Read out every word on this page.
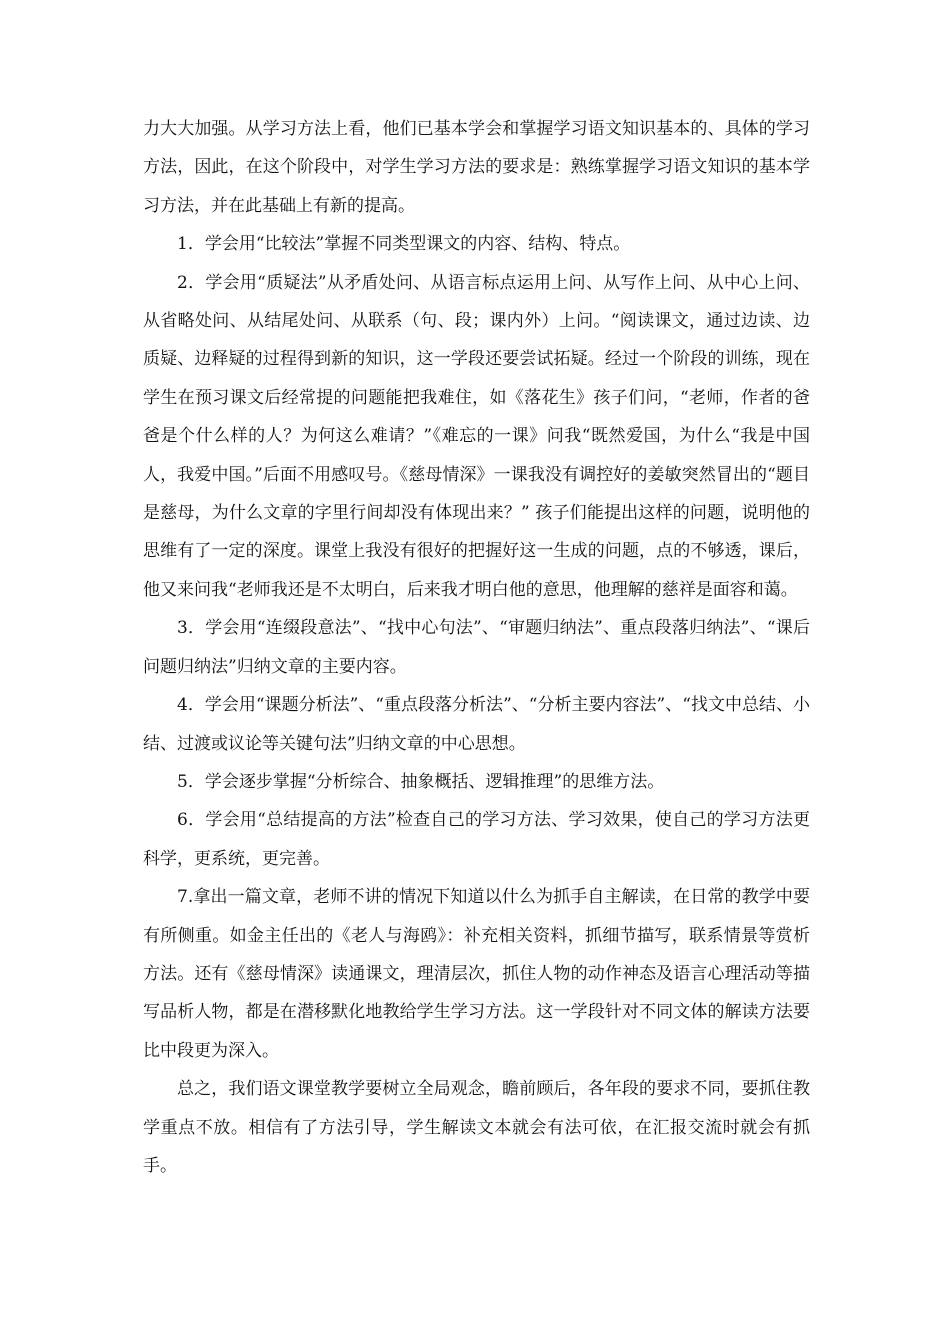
力大大加强。从学习方法上看，他们已基本学会和掌握学习语文知识基本的、具体的学习方法，因此，在这个阶段中，对学生学习方法的要求是：熟练掌握学习语文知识的基本学习方法，并在此基础上有新的提高。

1．学会用“比较法”掌握不同类型课文的内容、结构、特点。

2．学会用“质疑法”从矛盾处问、从语言标点运用上问、从写作上问、从中心上问、从省略处问、从结尾处问、从联系（句、段；课内外）上问。“阅读课文，通过边读、边质疑、边释疑的过程得到新的知识，这一学段还要尝试拓疑。经过一个阶段的训练，现在学生在预习课文后经常提的问题能把我难住，如《落花生》孩子们问，“老师，作者的爸爸是个什么样的人？为何这么难请？”《难忘的一课》问我“既然爱国，为什么“我是中国人，我爱中国。”后面不用感叹号。《慈母情深》一课我没有调控好的姜敏突然冒出的“题目是慈母，为什么文章的字里行间却没有体现出来？” 孩子们能提出这样的问题，说明他的思维有了一定的深度。课堂上我没有很好的把握好这一生成的问题，点的不够透，课后，他又来问我“老师我还是不太明白，后来我才明白他的意思，他理解的慈祥是面容和蔼。

3．学会用“连缀段意法”、“找中心句法”、“审题归纳法”、重点段落归纳法”、“课后问题归纳法”归纳文章的主要内容。

4．学会用“课题分析法”、“重点段落分析法”、“分析主要内容法”、“找文中总结、小结、过渡或议论等关键句法”归纳文章的中心思想。

5．学会逐步掌握“分析综合、抽象概括、逻辑推理”的思维方法。

6．学会用“总结提高的方法”检查自己的学习方法、学习效果，使自己的学习方法更科学，更系统，更完善。

7.拿出一篇文章，老师不讲的情况下知道以什么为抓手自主解读，在日常的教学中要有所侧重。如金主任出的《老人与海鸥》：补充相关资料，抓细节描写，联系情景等赏析方法。还有《慈母情深》读通课文，理清层次，抓住人物的动作神态及语言心理活动等描写品析人物，都是在潜移默化地教给学生学习方法。这一学段针对不同文体的解读方法要比中段更为深入。

总之，我们语文课堂教学要树立全局观念，瞻前顾后，各年段的要求不同，要抓住教学重点不放。相信有了方法引导，学生解读文本就会有法可依，在汇报交流时就会有抓手。
